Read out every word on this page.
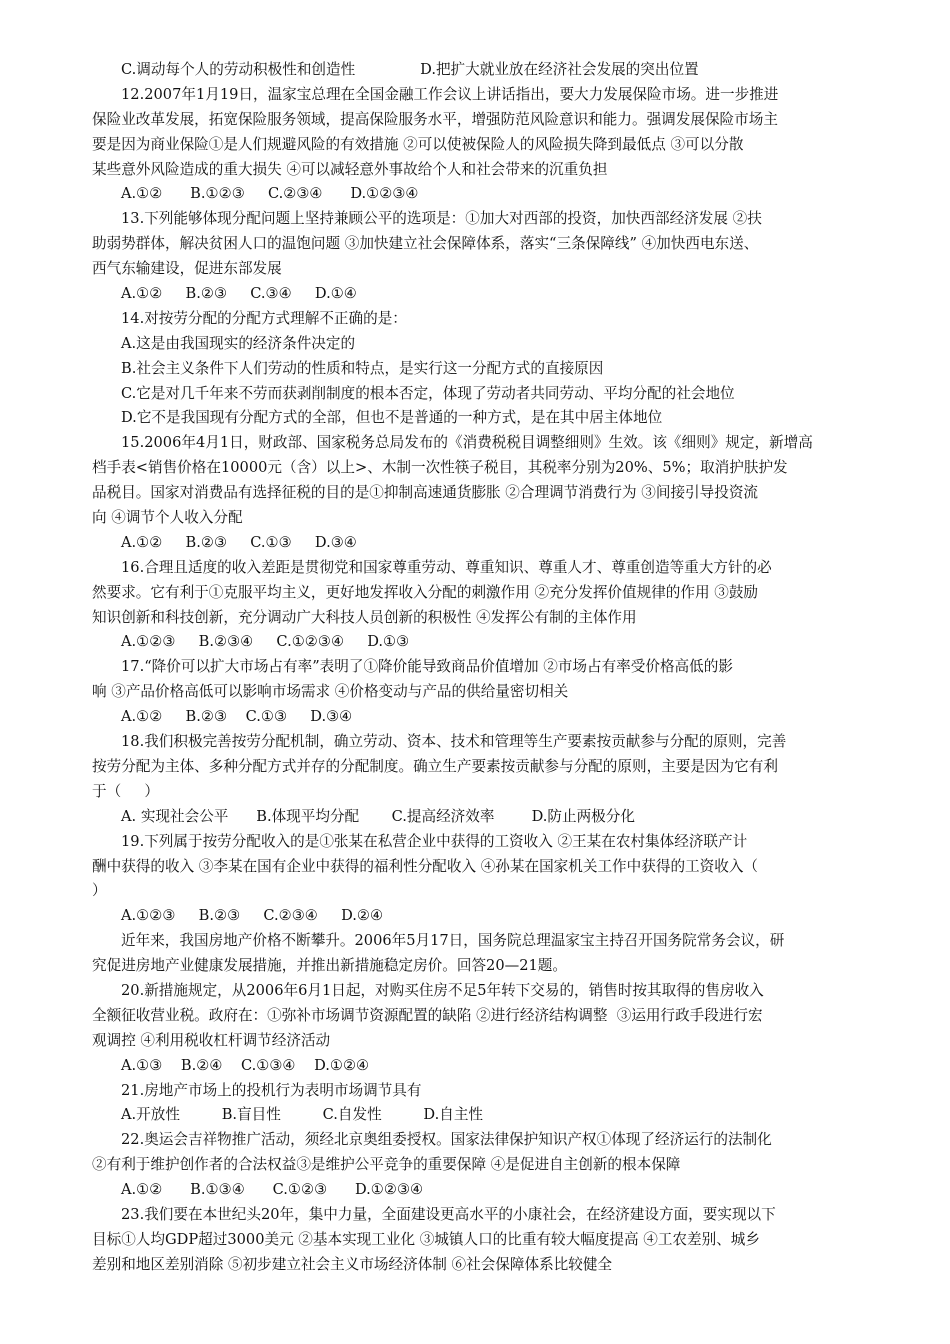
C.调动每个人的劳动积极性和创造性              D.把扩大就业放在经济社会发展的突出位置
12.2007年1月19日，温家宝总理在全国金融工作会议上讲话指出，要大力发展保险市场。进一步推进
保险业改革发展，拓宽保险服务领域，提高保险服务水平，增强防范风险意识和能力。强调发展保险市场主
要是因为商业保险①是人们规避风险的有效措施 ②可以使被保险人的风险损失降到最低点 ③可以分散
某些意外风险造成的重大损失 ④可以减轻意外事故给个人和社会带来的沉重负担
A.①②      B.①②③     C.②③④      D.①②③④
13.下列能够体现分配问题上坚持兼顾公平的选项是：①加大对西部的投资，加快西部经济发展 ②扶
助弱势群体，解决贫困人口的温饱问题 ③加快建立社会保障体系，落实“三条保障线” ④加快西电东送、
西气东输建设，促进东部发展
A.①②     B.②③     C.③④     D.①④
14.对按劳分配的分配方式理解不正确的是：
A.这是由我国现实的经济条件决定的
B.社会主义条件下人们劳动的性质和特点，是实行这一分配方式的直接原因
C.它是对几千年来不劳而获剥削制度的根本否定，体现了劳动者共同劳动、平均分配的社会地位
D.它不是我国现有分配方式的全部，但也不是普通的一种方式，是在其中居主体地位
15.2006年4月1日，财政部、国家税务总局发布的《消费税税目调整细则》生效。该《细则》规定，新增高
档手表<销售价格在10000元（含）以上>、木制一次性筷子税目，其税率分别为20%、5%；取消护肤护发
品税目。国家对消费品有选择征税的目的是①抑制高速通货膨胀 ②合理调节消费行为 ③间接引导投资流
向 ④调节个人收入分配
A.①②     B.②③     C.①③     D.③④
16.合理且适度的收入差距是贯彻党和国家尊重劳动、尊重知识、尊重人才、尊重创造等重大方针的必
然要求。它有利于①克服平均主义，更好地发挥收入分配的刺激作用 ②充分发挥价值规律的作用 ③鼓励
知识创新和科技创新，充分调动广大科技人员创新的积极性 ④发挥公有制的主体作用
A.①②③     B.②③④     C.①②③④     D.①③
17.“降价可以扩大市场占有率”表明了①降价能导致商品价值增加 ②市场占有率受价格高低的影
响 ③产品价格高低可以影响市场需求 ④价格变动与产品的供给量密切相关
A.①②     B.②③    C.①③     D.③④
18.我们积极完善按劳分配机制，确立劳动、资本、技术和管理等生产要素按贡献参与分配的原则，完善
按劳分配为主体、多种分配方式并存的分配制度。确立生产要素按贡献参与分配的原则，主要是因为它有利
于（     ）
A. 实现社会公平      B.体现平均分配       C.提高经济效率        D.防止两极分化
19.下列属于按劳分配收入的是①张某在私营企业中获得的工资收入 ②王某在农村集体经济联产计
酬中获得的收入 ③李某在国有企业中获得的福利性分配收入 ④孙某在国家机关工作中获得的工资收入（
）
A.①②③     B.②③     C.②③④     D.②④
近年来，我国房地产价格不断攀升。2006年5月17日，国务院总理温家宝主持召开国务院常务会议，研
究促进房地产业健康发展措施，并推出新措施稳定房价。回答20—21题。
20.新措施规定，从2006年6月1日起，对购买住房不足5年转下交易的，销售时按其取得的售房收入
全额征收营业税。政府在：①弥补市场调节资源配置的缺陷 ②进行经济结构调整  ③运用行政手段进行宏
观调控 ④利用税收杠杆调节经济活动
A.①③    B.②④    C.①③④    D.①②④
21.房地产市场上的投机行为表明市场调节具有
A.开放性         B.盲目性         C.自发性         D.自主性
22.奥运会吉祥物推广活动，须经北京奥组委授权。国家法律保护知识产权①体现了经济运行的法制化
②有利于维护创作者的合法权益③是维护公平竞争的重要保障 ④是促进自主创新的根本保障
A.①②      B.①③④      C.①②③      D.①②③④
23.我们要在本世纪头20年，集中力量，全面建设更高水平的小康社会，在经济建设方面，要实现以下
目标①人均GDP超过3000美元 ②基本实现工业化 ③城镇人口的比重有较大幅度提高 ④工农差别、城乡
差别和地区差别消除 ⑤初步建立社会主义市场经济体制 ⑥社会保障体系比较健全
